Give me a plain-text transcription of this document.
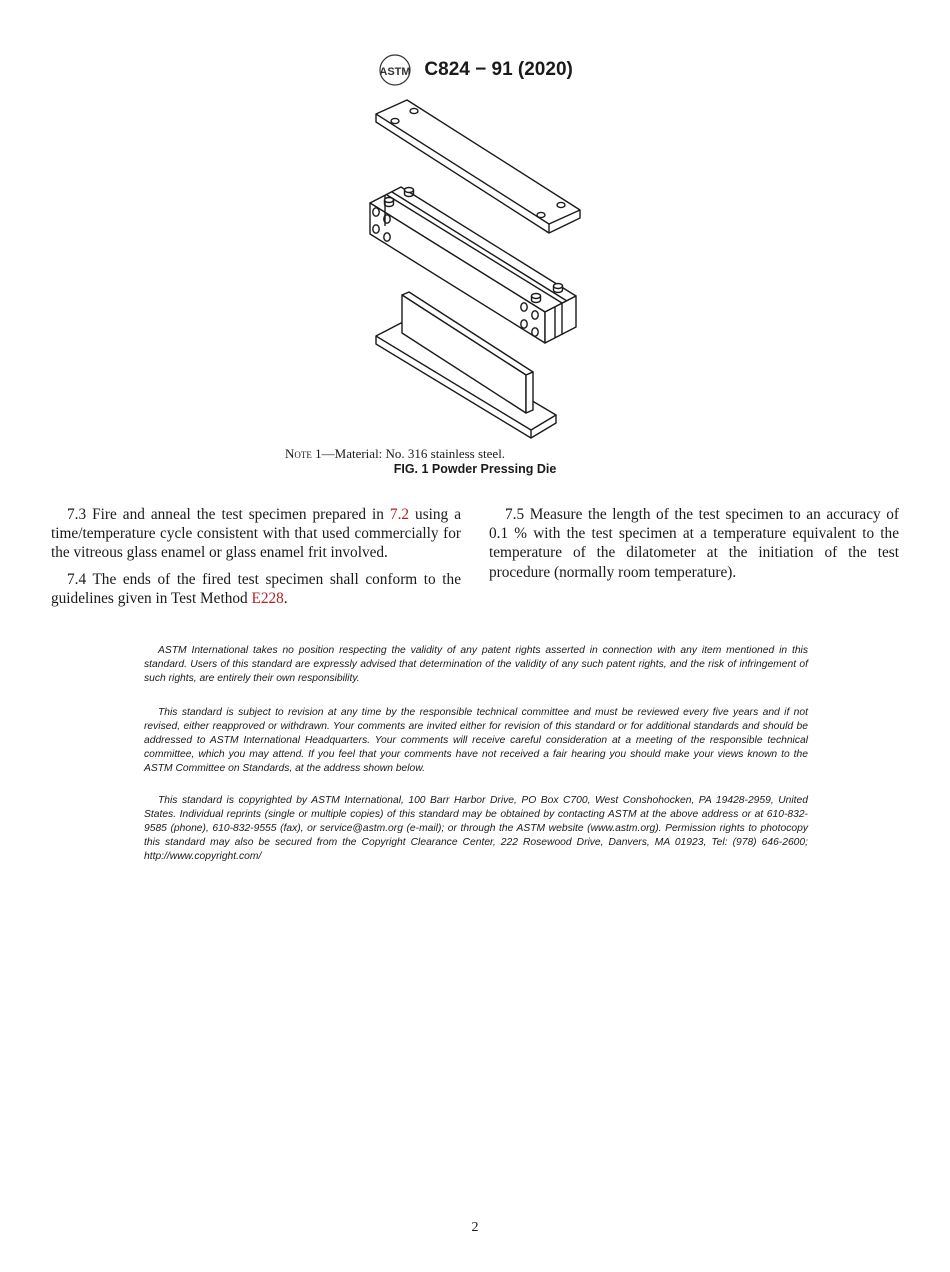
ASTM C824 − 91 (2020)
Note 1—Material: No. 316 stainless steel.
FIG. 1 Powder Pressing Die

7.3 Fire and anneal the test specimen prepared in 7.2 using a time/temperature cycle consistent with that used commercially for the vitreous glass enamel or glass enamel frit involved.

7.4 The ends of the fired test specimen shall conform to the guidelines given in Test Method E228.

7.5 Measure the length of the test specimen to an accuracy of 0.1 % with the test specimen at a temperature equivalent to the temperature of the dilatometer at the initiation of the test procedure (normally room temperature).

ASTM International takes no position respecting the validity of any patent rights asserted in connection with any item mentioned in this standard. Users of this standard are expressly advised that determination of the validity of any such patent rights, and the risk of infringement of such rights, are entirely their own responsibility.

This standard is subject to revision at any time by the responsible technical committee and must be reviewed every five years and if not revised, either reapproved or withdrawn. Your comments are invited either for revision of this standard or for additional standards and should be addressed to ASTM International Headquarters. Your comments will receive careful consideration at a meeting of the responsible technical committee, which you may attend. If you feel that your comments have not received a fair hearing you should make your views known to the ASTM Committee on Standards, at the address shown below.

This standard is copyrighted by ASTM International, 100 Barr Harbor Drive, PO Box C700, West Conshohocken, PA 19428-2959, United States. Individual reprints (single or multiple copies) of this standard may be obtained by contacting ASTM at the above address or at 610-832-9585 (phone), 610-832-9555 (fax), or service@astm.org (e-mail); or through the ASTM website (www.astm.org). Permission rights to photocopy this standard may also be secured from the Copyright Clearance Center, 222 Rosewood Drive, Danvers, MA 01923, Tel: (978) 646-2600; http://www.copyright.com/

2
